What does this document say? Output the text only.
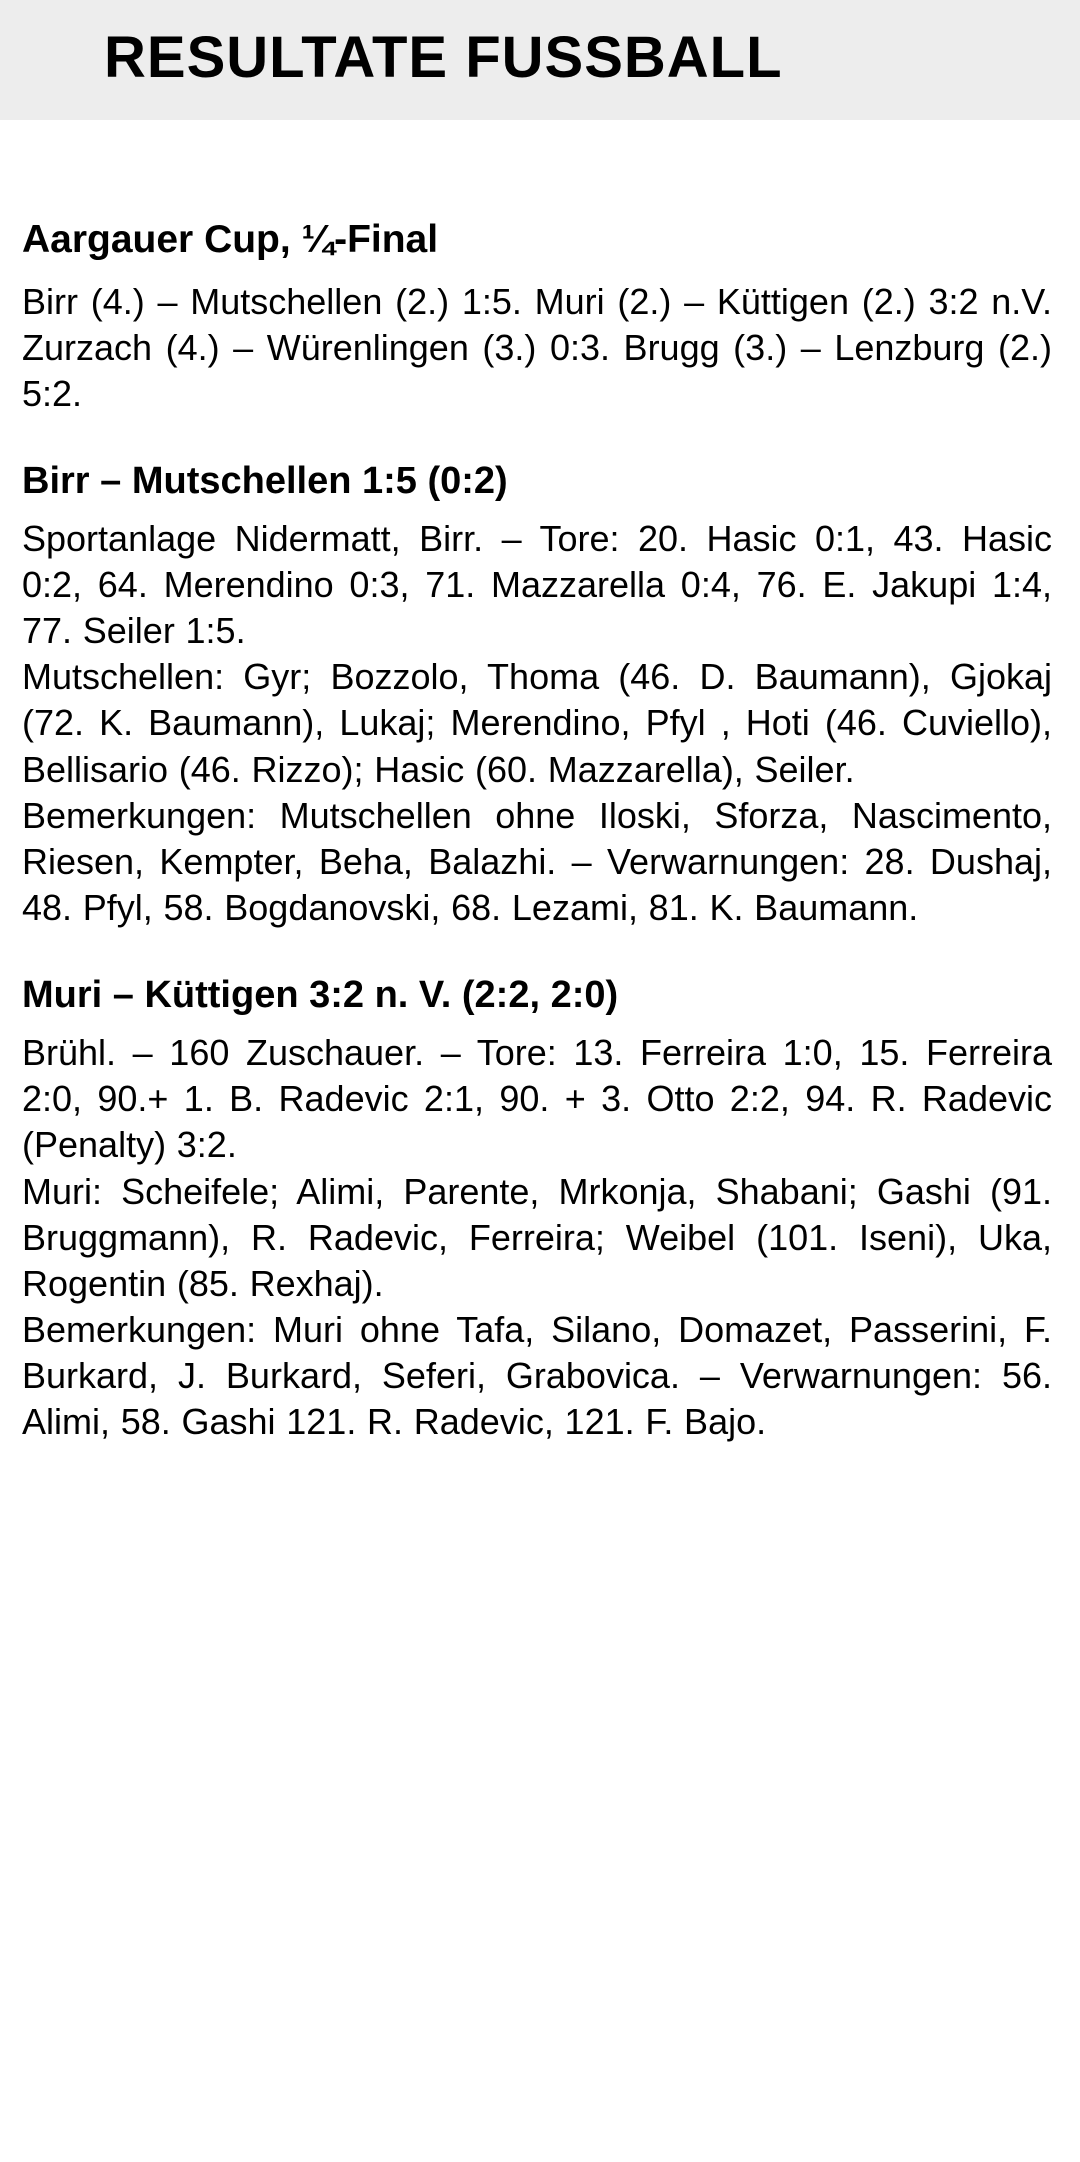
RESULTATE FUSSBALL
Aargauer Cup, ¼-Final

Birr (4.) – Mutschellen (2.) 1:5. Muri (2.) – Küttigen (2.) 3:2 n.V. Zurzach (4.) – Würenlingen (3.) 0:3. Brugg (3.) – Lenzburg (2.) 5:2.

Birr – Mutschellen 1:5 (0:2)

Sportanlage Nidermatt, Birr. – Tore: 20. Hasic 0:1, 43. Hasic 0:2, 64. Merendino 0:3, 71. Mazzarella 0:4, 76. E. Jakupi 1:4, 77. Seiler 1:5.

Mutschellen: Gyr; Bozzolo, Thoma (46. D. Baumann), Gjokaj (72. K. Baumann), Lukaj; Merendino, Pfyl , Hoti (46. Cuviello), Bellisario (46. Rizzo); Hasic (60. Mazzarella), Seiler.

Bemerkungen: Mutschellen ohne Iloski, Sforza, Nascimento, Riesen, Kempter, Beha, Balazhi. – Verwarnungen: 28. Dushaj, 48. Pfyl, 58. Bogdanovski, 68. Lezami, 81. K. Baumann.

Muri – Küttigen 3:2 n. V. (2:2, 2:0)

Brühl. – 160 Zuschauer. – Tore: 13. Ferreira 1:0, 15. Ferreira 2:0, 90.+ 1. B. Radevic 2:1, 90. + 3. Otto 2:2, 94. R. Radevic (Penalty) 3:2.

Muri: Scheifele; Alimi, Parente, Mrkonja, Shabani; Gashi (91. Bruggmann), R. Radevic, Ferreira; Weibel (101. Iseni), Uka, Rogentin (85. Rexhaj).

Bemerkungen: Muri ohne Tafa, Silano, Domazet, Passerini, F. Burkard, J. Burkard, Seferi, Grabovica. – Verwarnungen: 56. Alimi, 58. Gashi 121. R. Radevic, 121. F. Bajo.
